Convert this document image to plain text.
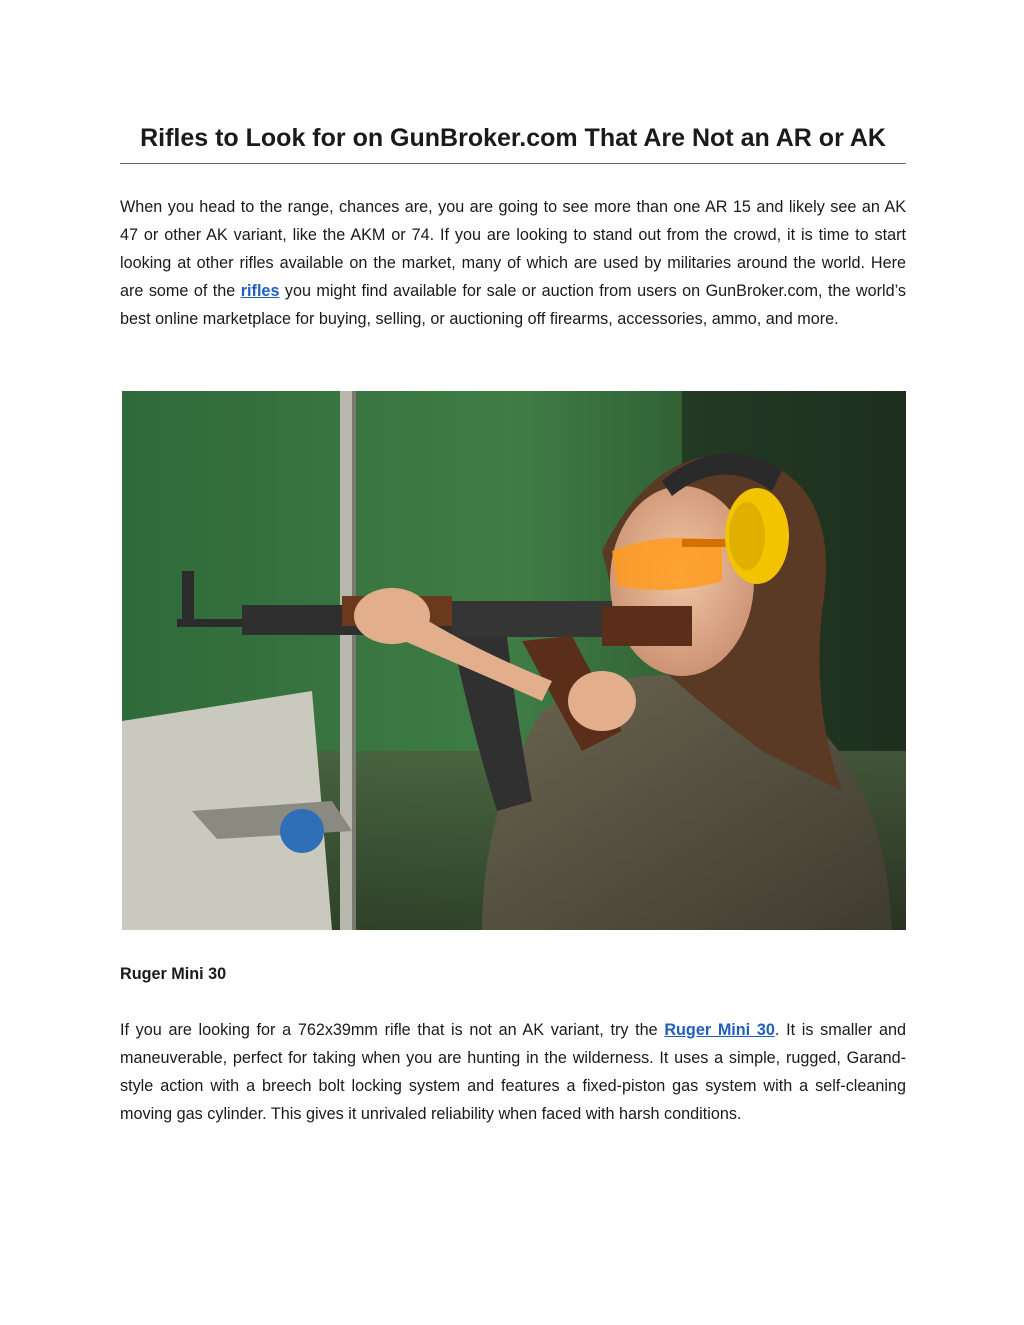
Rifles to Look for on GunBroker.com That Are Not an AR or AK

When you head to the range, chances are, you are going to see more than one AR 15 and likely see an AK 47 or other AK variant, like the AKM or 74. If you are looking to stand out from the crowd, it is time to start looking at other rifles available on the market, many of which are used by militaries around the world. Here are some of the rifles you might find available for sale or auction from users on GunBroker.com, the world’s best online marketplace for buying, selling, or auctioning off firearms, accessories, ammo, and more.

Ruger Mini 30

If you are looking for a 762x39mm rifle that is not an AK variant, try the Ruger Mini 30. It is smaller and maneuverable, perfect for taking when you are hunting in the wilderness. It uses a simple, rugged, Garand-style action with a breech bolt locking system and features a fixed-piston gas system with a self-cleaning moving gas cylinder. This gives it unrivaled reliability when faced with harsh conditions.
